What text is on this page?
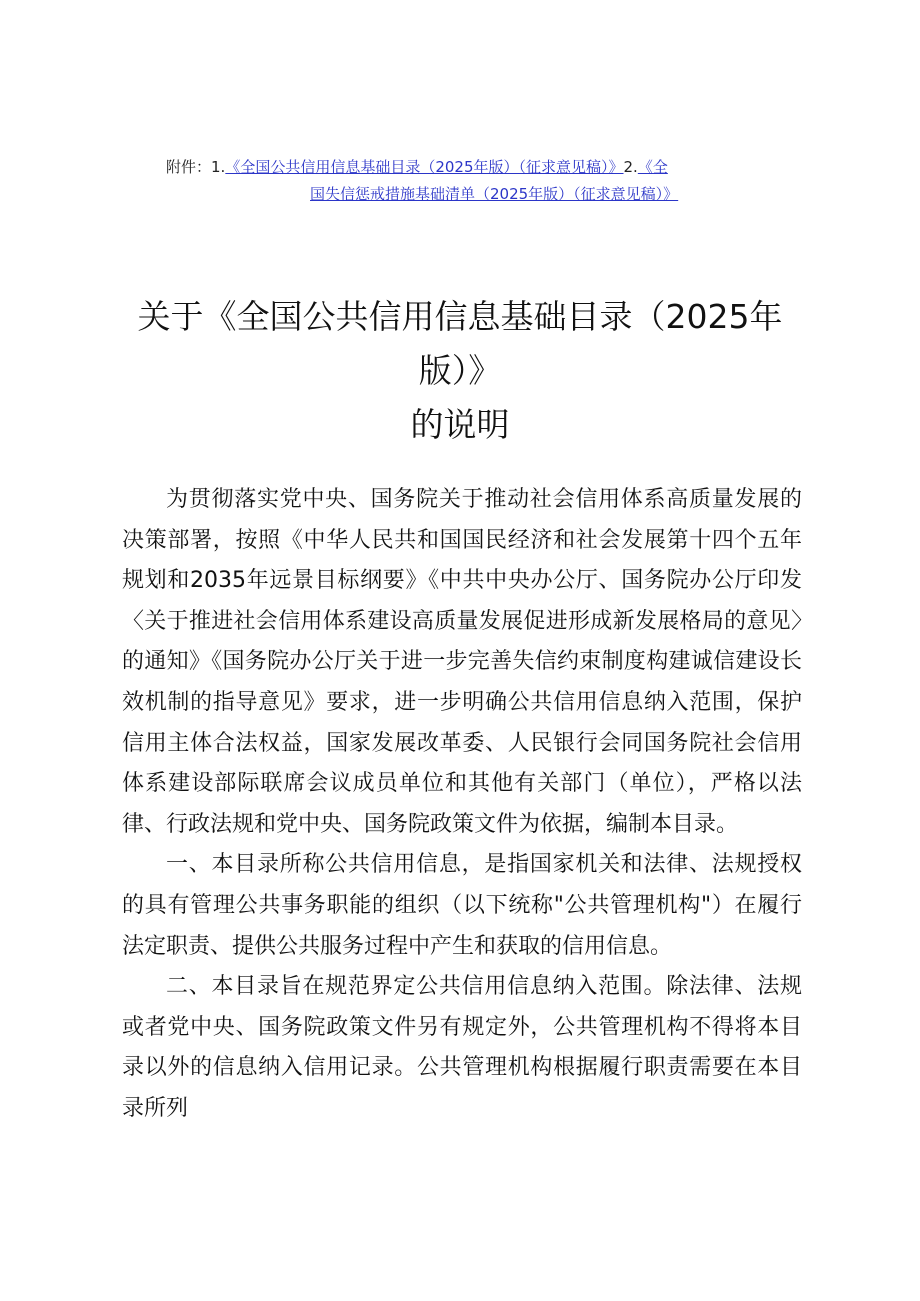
附件：1.《全国公共信用信息基础目录（2025年版）（征求意见稿）》2.《全
国失信惩戒措施基础清单（2025年版）（征求意见稿）》
关于《全国公共信用信息基础目录（2025年
版）》
的说明

为贯彻落实党中央、国务院关于推动社会信用体系高质量发展的决策部署，按照《中华人民共和国国民经济和社会发展第十四个五年规划和2035年远景目标纲要》《中共中央办公厅、国务院办公厅印发〈关于推进社会信用体系建设高质量发展促进形成新发展格局的意见〉的通知》《国务院办公厅关于进一步完善失信约束制度构建诚信建设长效机制的指导意见》要求，进一步明确公共信用信息纳入范围，保护信用主体合法权益，国家发展改革委、人民银行会同国务院社会信用体系建设部际联席会议成员单位和其他有关部门（单位），严格以法律、行政法规和党中央、国务院政策文件为依据，编制本目录。

一、本目录所称公共信用信息，是指国家机关和法律、法规授权的具有管理公共事务职能的组织（以下统称"公共管理机构"）在履行法定职责、提供公共服务过程中产生和获取的信用信息。

二、本目录旨在规范界定公共信用信息纳入范围。除法律、法规或者党中央、国务院政策文件另有规定外，公共管理机构不得将本目录以外的信息纳入信用记录。公共管理机构根据履行职责需要在本目录所列
